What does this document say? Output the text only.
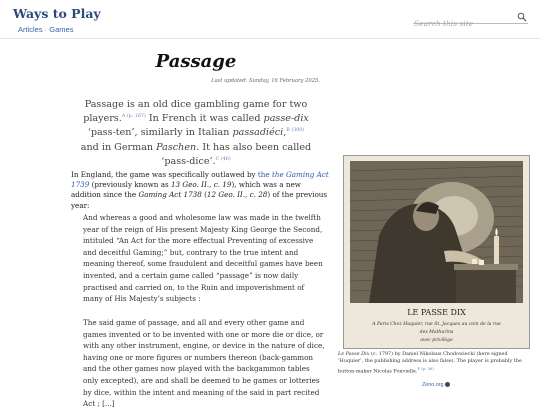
Ways to Play
Articles · Games
Search this site
Passage
Last updated: Sunday, 16 February 2025.

Passage is an old dice gambling game for two players.$^{A (p. 167)}$ In French it was called passe-dix ‘pass-ten’, similarly in Italian passadiéci,$^{B (300)}$ and in German Paschen. It has also been called ‘pass-dice’.$^{C (46)}$

In England, the game was specifically outlawed by the the Gaming Act 1739 (previously known as 13 Geo. II., c. 19), which was a new addition since the Gaming Act 1738 (12 Geo. II., c. 28) of the previous year:

And whereas a good and wholesome law was made in the twelfth year of the reign of His present Majesty King George the Second, intituled “An Act for the more effectual Preventing of excessive and deceitful Gaming;” but, contrary to the true intent and meaning thereof, some fraudulent and deceitful games have been invented, and a certain game called “passage” is now daily practised and carried on, to the Ruin and impoverishment of many of His Majesty’s subjects :
The said game of passage, and all and every other game and games invented or to be invented with one or more die or dice, or with any other instrument, engine, or device in the nature of dice, having one or more figures or numbers thereon (back-gammon and the other games now played with the backgammon tables only excepted), are and shall be deemed to be games or lotteries by dice, within the intent and meaning of the said in part recited Act ; [...]
LE PASSE DIX
A Paris Chez Huquier, rue St. Jacques au coin de la rue
des Mathurins
avec privilège
Le Passe Dix (c. 1797) by Daniel Nikolaus Chodowiecki (here signed ‘Huquier’, the publishing address is also false). The player is probably the button-maker Nicolas Fonvielle.$^{P (p. 36)}$
Zeno.org
